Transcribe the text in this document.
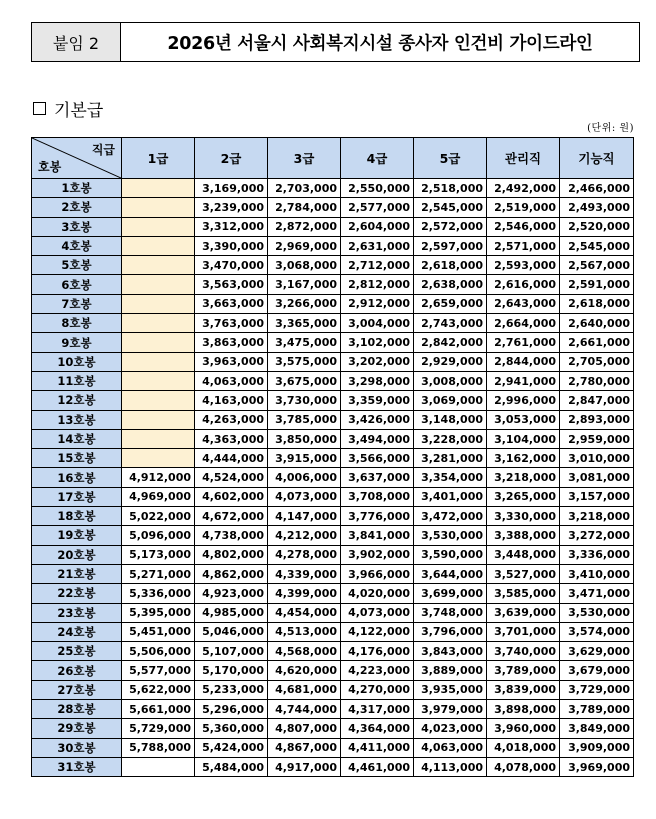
붙임 2	2026년 서울시 사회복지시설 종사자 인건비 가이드라인
기본급
(단위: 원)
직급
호봉	1급	2급	3급	4급	5급	관리직	기능직
1호봉		3,169,000	2,703,000	2,550,000	2,518,000	2,492,000	2,466,000
2호봉		3,239,000	2,784,000	2,577,000	2,545,000	2,519,000	2,493,000
3호봉		3,312,000	2,872,000	2,604,000	2,572,000	2,546,000	2,520,000
4호봉		3,390,000	2,969,000	2,631,000	2,597,000	2,571,000	2,545,000
5호봉		3,470,000	3,068,000	2,712,000	2,618,000	2,593,000	2,567,000
6호봉		3,563,000	3,167,000	2,812,000	2,638,000	2,616,000	2,591,000
7호봉		3,663,000	3,266,000	2,912,000	2,659,000	2,643,000	2,618,000
8호봉		3,763,000	3,365,000	3,004,000	2,743,000	2,664,000	2,640,000
9호봉		3,863,000	3,475,000	3,102,000	2,842,000	2,761,000	2,661,000
10호봉		3,963,000	3,575,000	3,202,000	2,929,000	2,844,000	2,705,000
11호봉		4,063,000	3,675,000	3,298,000	3,008,000	2,941,000	2,780,000
12호봉		4,163,000	3,730,000	3,359,000	3,069,000	2,996,000	2,847,000
13호봉		4,263,000	3,785,000	3,426,000	3,148,000	3,053,000	2,893,000
14호봉		4,363,000	3,850,000	3,494,000	3,228,000	3,104,000	2,959,000
15호봉		4,444,000	3,915,000	3,566,000	3,281,000	3,162,000	3,010,000
16호봉	4,912,000	4,524,000	4,006,000	3,637,000	3,354,000	3,218,000	3,081,000
17호봉	4,969,000	4,602,000	4,073,000	3,708,000	3,401,000	3,265,000	3,157,000
18호봉	5,022,000	4,672,000	4,147,000	3,776,000	3,472,000	3,330,000	3,218,000
19호봉	5,096,000	4,738,000	4,212,000	3,841,000	3,530,000	3,388,000	3,272,000
20호봉	5,173,000	4,802,000	4,278,000	3,902,000	3,590,000	3,448,000	3,336,000
21호봉	5,271,000	4,862,000	4,339,000	3,966,000	3,644,000	3,527,000	3,410,000
22호봉	5,336,000	4,923,000	4,399,000	4,020,000	3,699,000	3,585,000	3,471,000
23호봉	5,395,000	4,985,000	4,454,000	4,073,000	3,748,000	3,639,000	3,530,000
24호봉	5,451,000	5,046,000	4,513,000	4,122,000	3,796,000	3,701,000	3,574,000
25호봉	5,506,000	5,107,000	4,568,000	4,176,000	3,843,000	3,740,000	3,629,000
26호봉	5,577,000	5,170,000	4,620,000	4,223,000	3,889,000	3,789,000	3,679,000
27호봉	5,622,000	5,233,000	4,681,000	4,270,000	3,935,000	3,839,000	3,729,000
28호봉	5,661,000	5,296,000	4,744,000	4,317,000	3,979,000	3,898,000	3,789,000
29호봉	5,729,000	5,360,000	4,807,000	4,364,000	4,023,000	3,960,000	3,849,000
30호봉	5,788,000	5,424,000	4,867,000	4,411,000	4,063,000	4,018,000	3,909,000
31호봉		5,484,000	4,917,000	4,461,000	4,113,000	4,078,000	3,969,000
